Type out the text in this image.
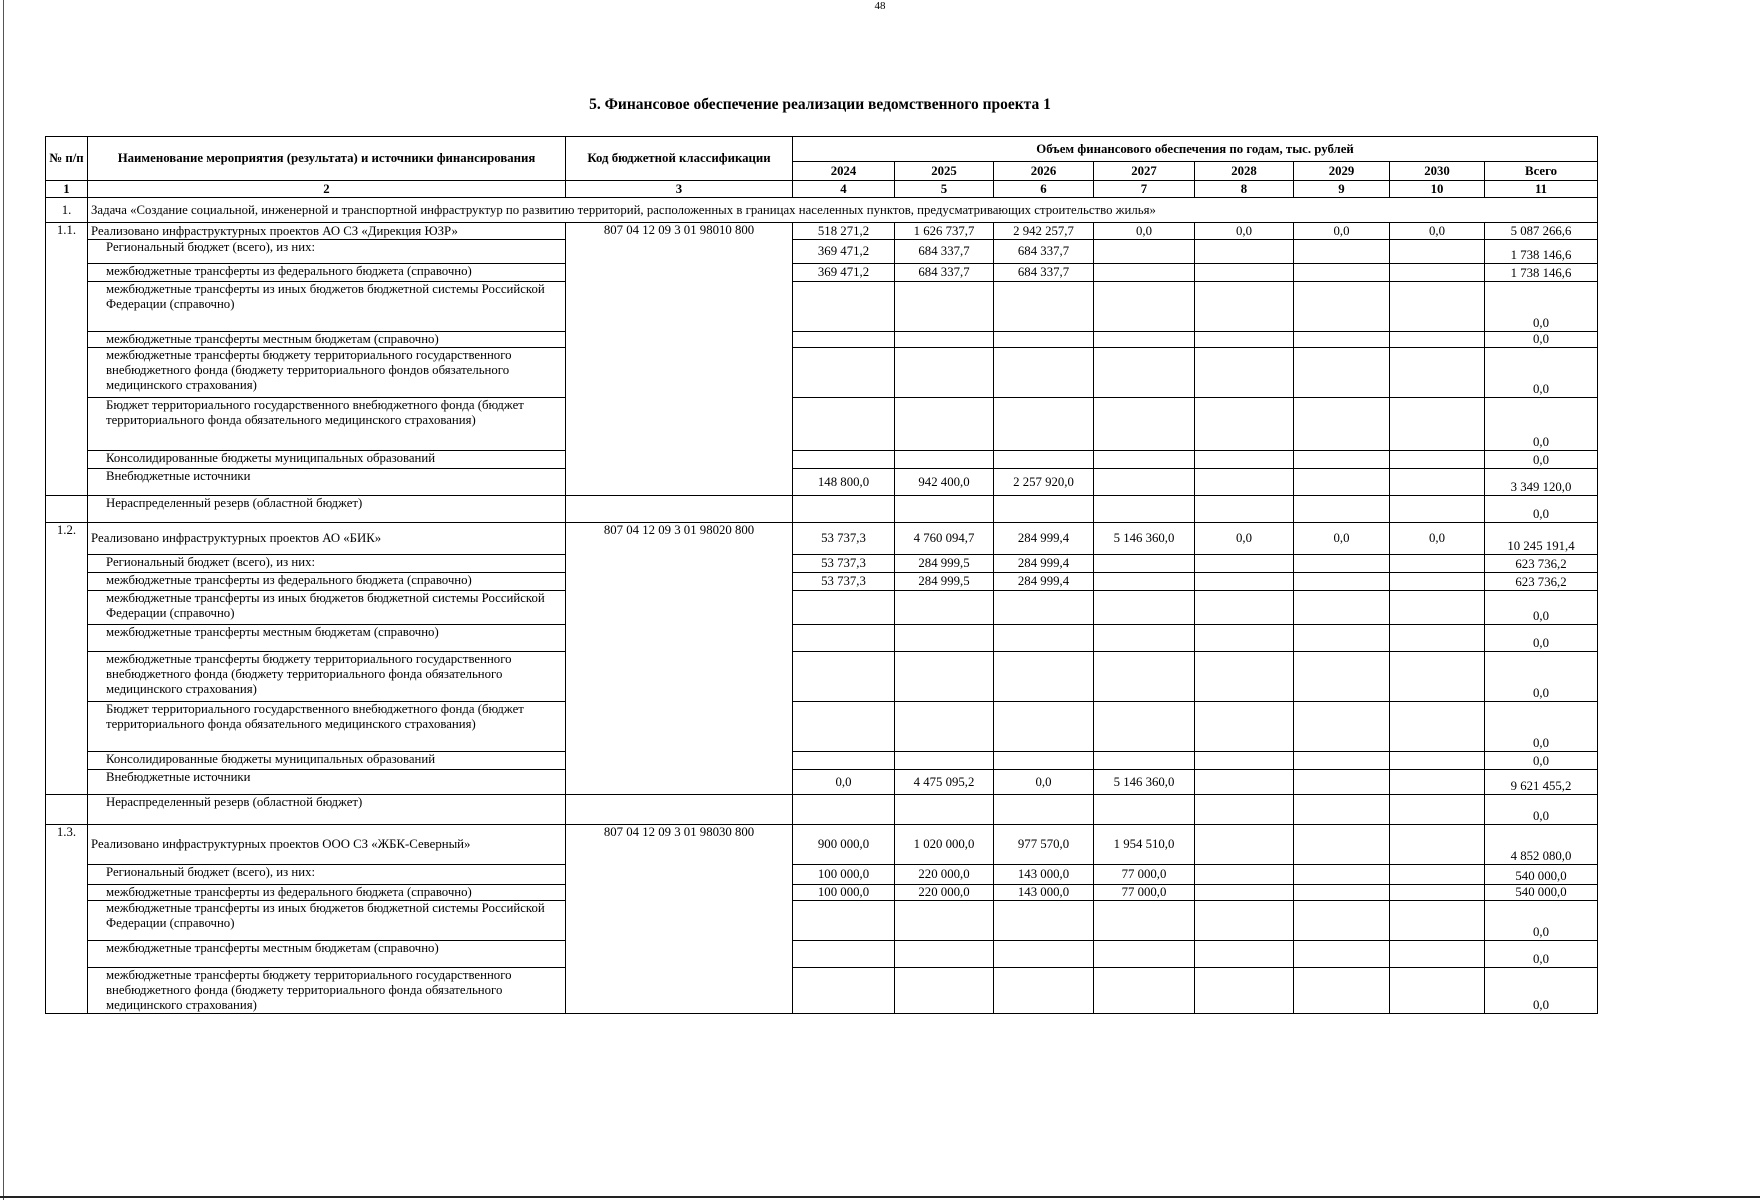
48
5. Финансовое обеспечение реализации ведомственного проекта 1
№ п/п	Наименование мероприятия (результата) и источники финансирования	Код бюджетной классификации	Объем финансового обеспечения по годам, тыс. рублей							
			2024	2025	2026	2027	2028	2029	2030	Всего
1	2	3	4	5	6	7	8	9	10	11
1.	Задача «Создание социальной, инженерной и транспортной инфраструктур по развитию территорий, расположенных в границах населенных пунктов, предусматривающих строительство жилья»									
1.1.	Реализовано инфраструктурных проектов АО СЗ «Дирекция ЮЗР»	807 04 12 09 3 01 98010 800	518 271,2	1 626 737,7	2 942 257,7	0,0	0,0	0,0	0,0	5 087 266,6
	Региональный бюджет (всего), из них:		369 471,2	684 337,7	684 337,7					1 738 146,6
	межбюджетные трансферты из федерального бюджета (справочно)		369 471,2	684 337,7	684 337,7					1 738 146,6
	межбюджетные трансферты из иных бюджетов бюджетной системы Российской Федерации (справочно)									0,0
	межбюджетные трансферты местным бюджетам (справочно)									0,0
	межбюджетные трансферты бюджету территориального государственного внебюджетного фонда (бюджету территориального фондов обязательного медицинского страхования)									0,0
	Бюджет территориального государственного внебюджетного фонда (бюджет территориального фонда обязательного медицинского страхования)									0,0
	Консолидированные бюджеты муниципальных образований									0,0
	Внебюджетные источники		148 800,0	942 400,0	2 257 920,0					3 349 120,0
	Нераспределенный резерв (областной бюджет)									0,0
1.2.	Реализовано инфраструктурных проектов АО «БИК»	807 04 12 09 3 01 98020 800	53 737,3	4 760 094,7	284 999,4	5 146 360,0	0,0	0,0	0,0	10 245 191,4
	Региональный бюджет (всего), из них:		53 737,3	284 999,5	284 999,4					623 736,2
	межбюджетные трансферты из федерального бюджета (справочно)		53 737,3	284 999,5	284 999,4					623 736,2
	межбюджетные трансферты из иных бюджетов бюджетной системы Российской Федерации (справочно)									0,0
	межбюджетные трансферты местным бюджетам (справочно)									0,0
	межбюджетные трансферты бюджету территориального государственного внебюджетного фонда (бюджету территориального фонда обязательного медицинского страхования)									0,0
	Бюджет территориального государственного внебюджетного фонда (бюджет территориального фонда обязательного медицинского страхования)									0,0
	Консолидированные бюджеты муниципальных образований									0,0
	Внебюджетные источники		0,0	4 475 095,2	0,0	5 146 360,0				9 621 455,2
	Нераспределенный резерв (областной бюджет)									0,0
1.3.	Реализовано инфраструктурных проектов ООО СЗ «ЖБК-Северный»	807 04 12 09 3 01 98030 800	900 000,0	1 020 000,0	977 570,0	1 954 510,0				4 852 080,0
	Региональный бюджет (всего), из них:		100 000,0	220 000,0	143 000,0	77 000,0				540 000,0
	межбюджетные трансферты из федерального бюджета (справочно)		100 000,0	220 000,0	143 000,0	77 000,0				540 000,0
	межбюджетные трансферты из иных бюджетов бюджетной системы Российской Федерации (справочно)									0,0
	межбюджетные трансферты местным бюджетам (справочно)									0,0
	межбюджетные трансферты бюджету территориального государственного внебюджетного фонда (бюджету территориального фонда обязательного медицинского страхования)									0,0
